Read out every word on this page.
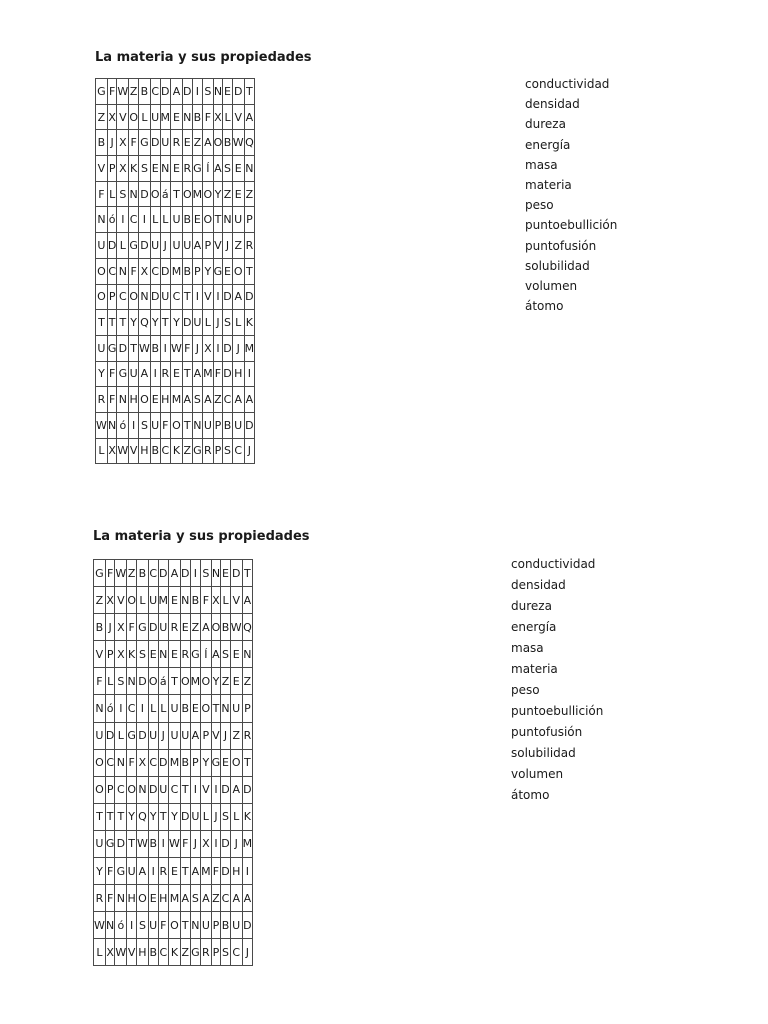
La materia y sus propiedades
G	F	W	Z	B	C	D	A	D	I	S	N	E	D	T
Z	X	V	O	L	U	M	E	N	B	F	X	L	V	A
B	J	X	F	G	D	U	R	E	Z	A	O	B	W	Q
V	P	X	K	S	E	N	E	R	G	Í	A	S	E	N
F	L	S	N	D	O	á	T	O	M	O	Y	Z	E	Z
N	ó	I	C	I	L	L	U	B	E	O	T	N	U	P
U	D	L	G	D	U	J	U	U	A	P	V	J	Z	R
O	C	N	F	X	C	D	M	B	P	Y	G	E	O	T
O	P	C	O	N	D	U	C	T	I	V	I	D	A	D
T	T	T	Y	Q	Y	T	Y	D	U	L	J	S	L	K
U	G	D	T	W	B	I	W	F	J	X	I	D	J	M
Y	F	G	U	A	I	R	E	T	A	M	F	D	H	I
R	F	N	H	O	E	H	M	A	S	A	Z	C	A	A
W	N	ó	I	S	U	F	O	T	N	U	P	B	U	D
L	X	W	V	H	B	C	K	Z	G	R	P	S	C	J
conductividad
densidad
dureza
energía
masa
materia
peso
puntoebullición
puntofusión
solubilidad
volumen
átomo
La materia y sus propiedades
G	F	W	Z	B	C	D	A	D	I	S	N	E	D	T
Z	X	V	O	L	U	M	E	N	B	F	X	L	V	A
B	J	X	F	G	D	U	R	E	Z	A	O	B	W	Q
V	P	X	K	S	E	N	E	R	G	Í	A	S	E	N
F	L	S	N	D	O	á	T	O	M	O	Y	Z	E	Z
N	ó	I	C	I	L	L	U	B	E	O	T	N	U	P
U	D	L	G	D	U	J	U	U	A	P	V	J	Z	R
O	C	N	F	X	C	D	M	B	P	Y	G	E	O	T
O	P	C	O	N	D	U	C	T	I	V	I	D	A	D
T	T	T	Y	Q	Y	T	Y	D	U	L	J	S	L	K
U	G	D	T	W	B	I	W	F	J	X	I	D	J	M
Y	F	G	U	A	I	R	E	T	A	M	F	D	H	I
R	F	N	H	O	E	H	M	A	S	A	Z	C	A	A
W	N	ó	I	S	U	F	O	T	N	U	P	B	U	D
L	X	W	V	H	B	C	K	Z	G	R	P	S	C	J
conductividad
densidad
dureza
energía
masa
materia
peso
puntoebullición
puntofusión
solubilidad
volumen
átomo
